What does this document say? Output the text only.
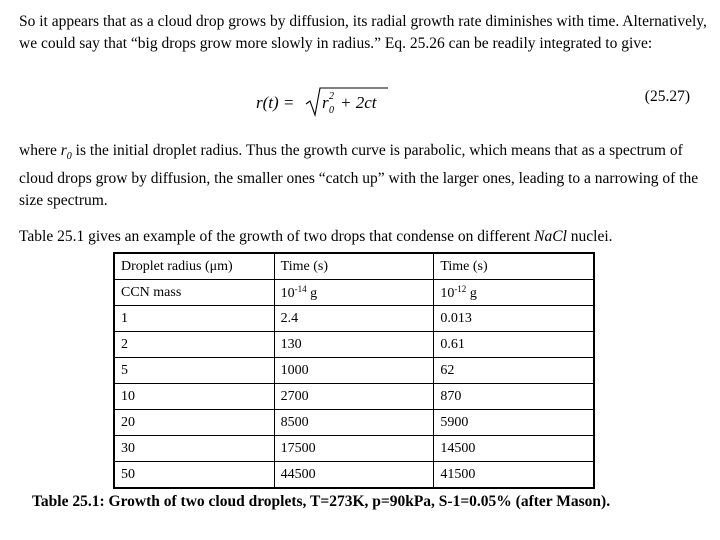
So it appears that as a cloud drop grows by diffusion, its radial growth rate diminishes with time. Alternatively, we could say that “big drops grow more slowly in radius.” Eq. 25.26 can be readily integrated to give:

r(t) = r 0
2 + 2ct	(25.27)

where $r_0$ is the initial droplet radius. Thus the growth curve is parabolic, which means that as a spectrum of cloud drops grow by diffusion, the smaller ones “catch up” with the larger ones, leading to a narrowing of the size spectrum.

Table 25.1 gives an example of the growth of two drops that condense on different NaCl nuclei.

Droplet radius (μm)	Time (s)	Time (s)
CCN mass	$10^{-14}$ g	$10^{-12}$ g
1	2.4	0.013
2	130	0.61
5	1000	62
10	2700	870
20	8500	5900
30	17500	14500
50	44500	41500
Table 25.1: Growth of two cloud droplets, T=273K, p=90kPa, S-1=0.05% (after Mason).
